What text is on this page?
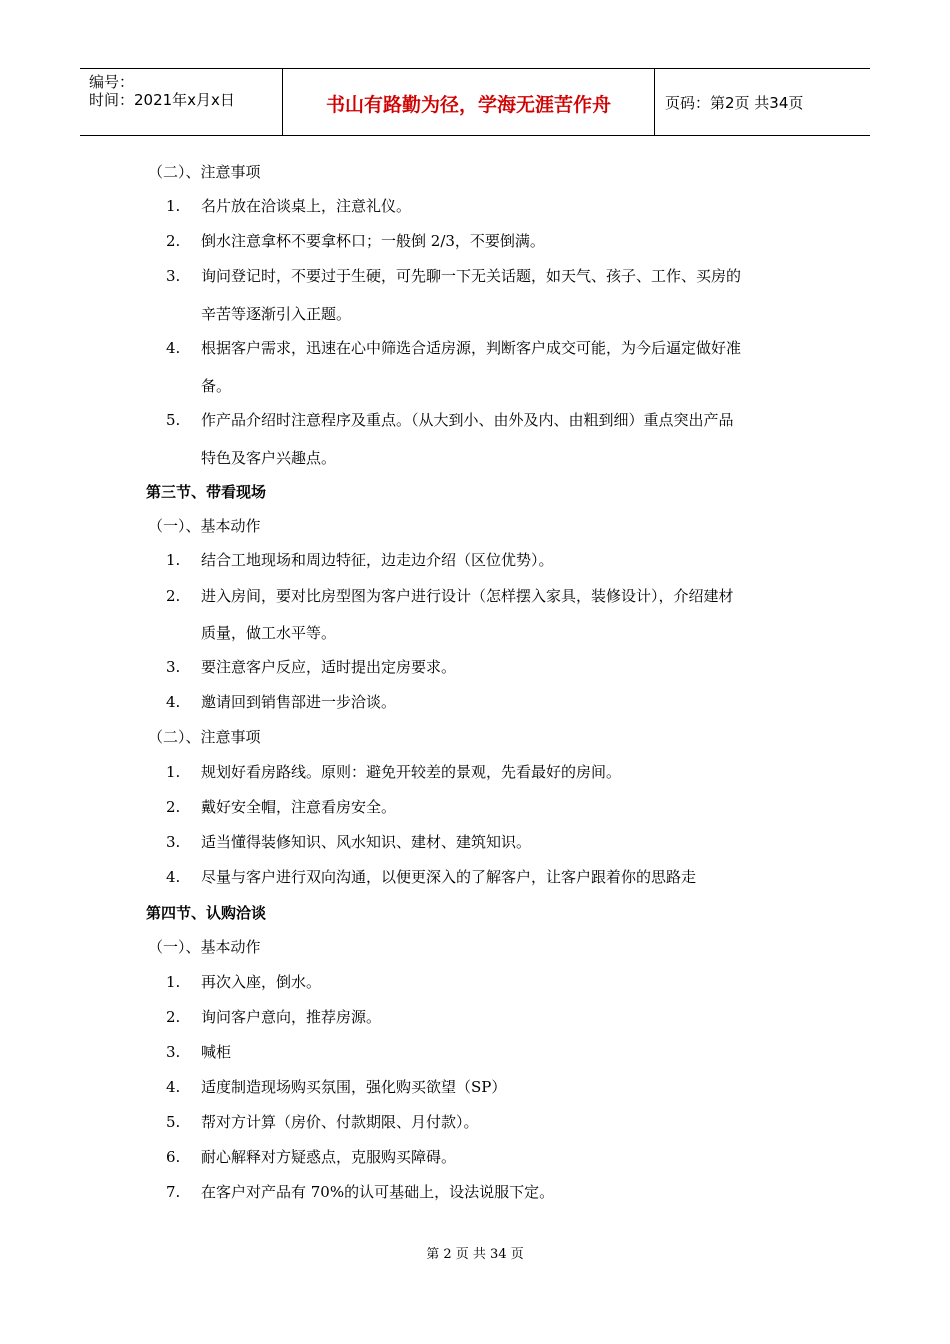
编号：
时间：2021年x月x日	书山有路勤为径，学海无涯苦作舟	页码：第2页 共34页
（二）、注意事项
1.	名片放在洽谈桌上，注意礼仪。
2.	倒水注意拿杯不要拿杯口；一般倒 2/3，不要倒满。
3.	询问登记时，不要过于生硬，可先聊一下无关话题，如天气、孩子、工作、买房的
辛苦等逐渐引入正题。
4.	根据客户需求，迅速在心中筛选合适房源，判断客户成交可能，为今后逼定做好准
备。
5.	作产品介绍时注意程序及重点。（从大到小、由外及内、由粗到细）重点突出产品
特色及客户兴趣点。
第三节、带看现场
（一）、基本动作
1.	结合工地现场和周边特征，边走边介绍（区位优势）。
2.	进入房间，要对比房型图为客户进行设计（怎样摆入家具，装修设计），介绍建材
质量，做工水平等。
3.	要注意客户反应，适时提出定房要求。
4.	邀请回到销售部进一步洽谈。
（二）、注意事项
1.	规划好看房路线。原则：避免开较差的景观，先看最好的房间。
2.	戴好安全帽，注意看房安全。
3.	适当懂得装修知识、风水知识、建材、建筑知识。
4.	尽量与客户进行双向沟通，以便更深入的了解客户，让客户跟着你的思路走
第四节、认购洽谈
（一）、基本动作
1.	再次入座，倒水。
2.	询问客户意向，推荐房源。
3.	喊柜
4.	适度制造现场购买氛围，强化购买欲望（SP）
5.	帮对方计算（房价、付款期限、月付款）。
6.	耐心解释对方疑惑点，克服购买障碍。
7.	在客户对产品有 70%的认可基础上，设法说服下定。
第 2 页 共 34 页
